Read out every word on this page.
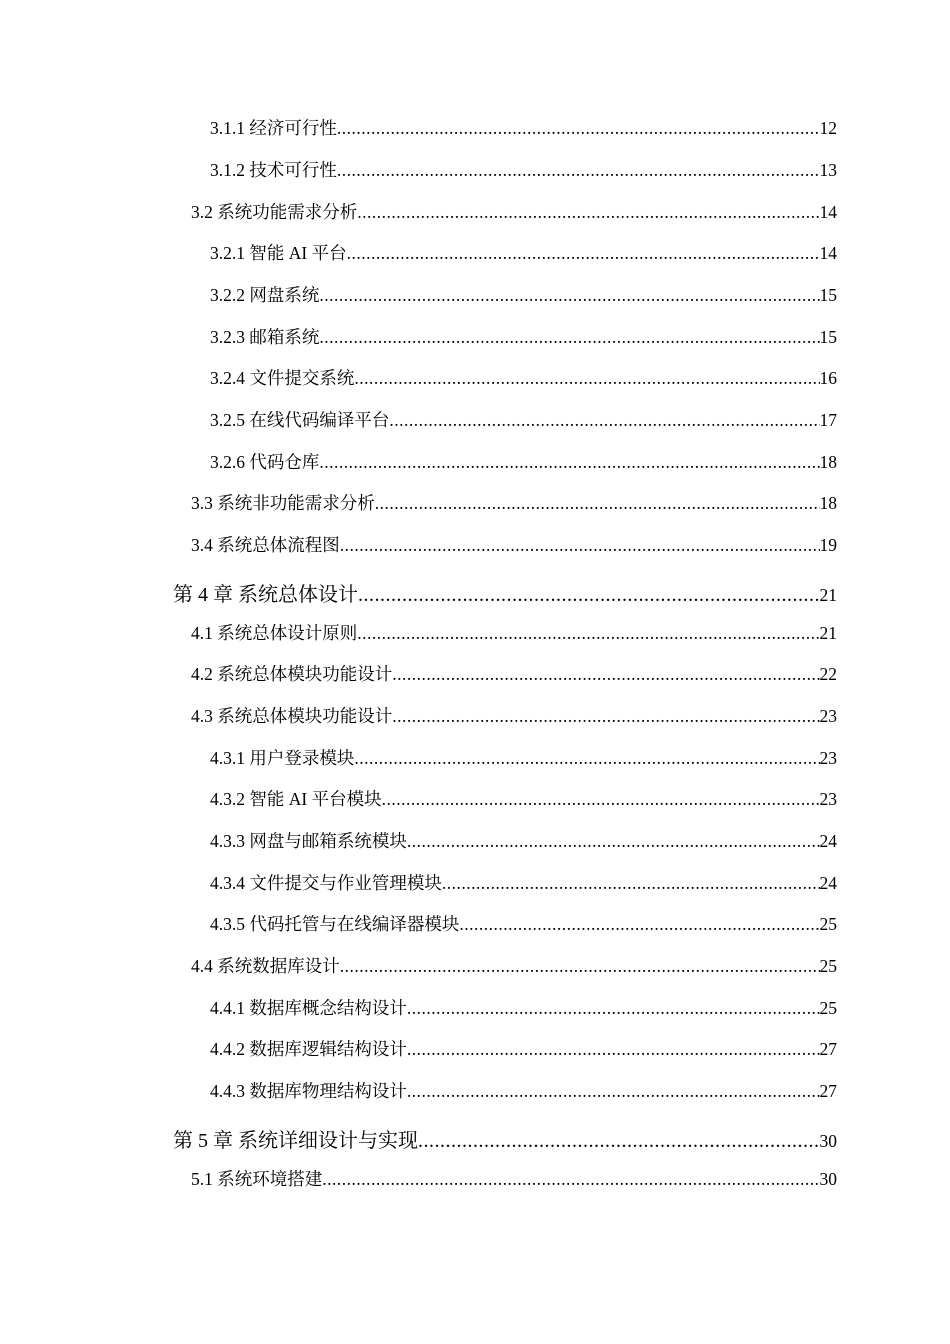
3.1.1 经济可行性 .....	12
3.1.2 技术可行性 .....	13
3.2 系统功能需求分析 .....	14
3.2.1 智能 AI 平台 .....	14
3.2.2 网盘系统 .....	15
3.2.3 邮箱系统 .....	15
3.2.4 文件提交系统 .....	16
3.2.5 在线代码编译平台 .....	17
3.2.6 代码仓库 .....	18
3.3 系统非功能需求分析 .....	18
3.4 系统总体流程图 .....	19
第 4 章 系统总体设计 .....	21
4.1 系统总体设计原则 .....	21
4.2 系统总体模块功能设计 .....	22
4.3 系统总体模块功能设计 .....	23
4.3.1 用户登录模块 .....	23
4.3.2 智能 AI 平台模块 .....	23
4.3.3 网盘与邮箱系统模块 .....	24
4.3.4 文件提交与作业管理模块 .....	24
4.3.5 代码托管与在线编译器模块 .....	25
4.4 系统数据库设计 .....	25
4.4.1 数据库概念结构设计 .....	25
4.4.2 数据库逻辑结构设计 .....	27
4.4.3 数据库物理结构设计 .....	27
第 5 章 系统详细设计与实现 .....	30
5.1 系统环境搭建 .....	30
